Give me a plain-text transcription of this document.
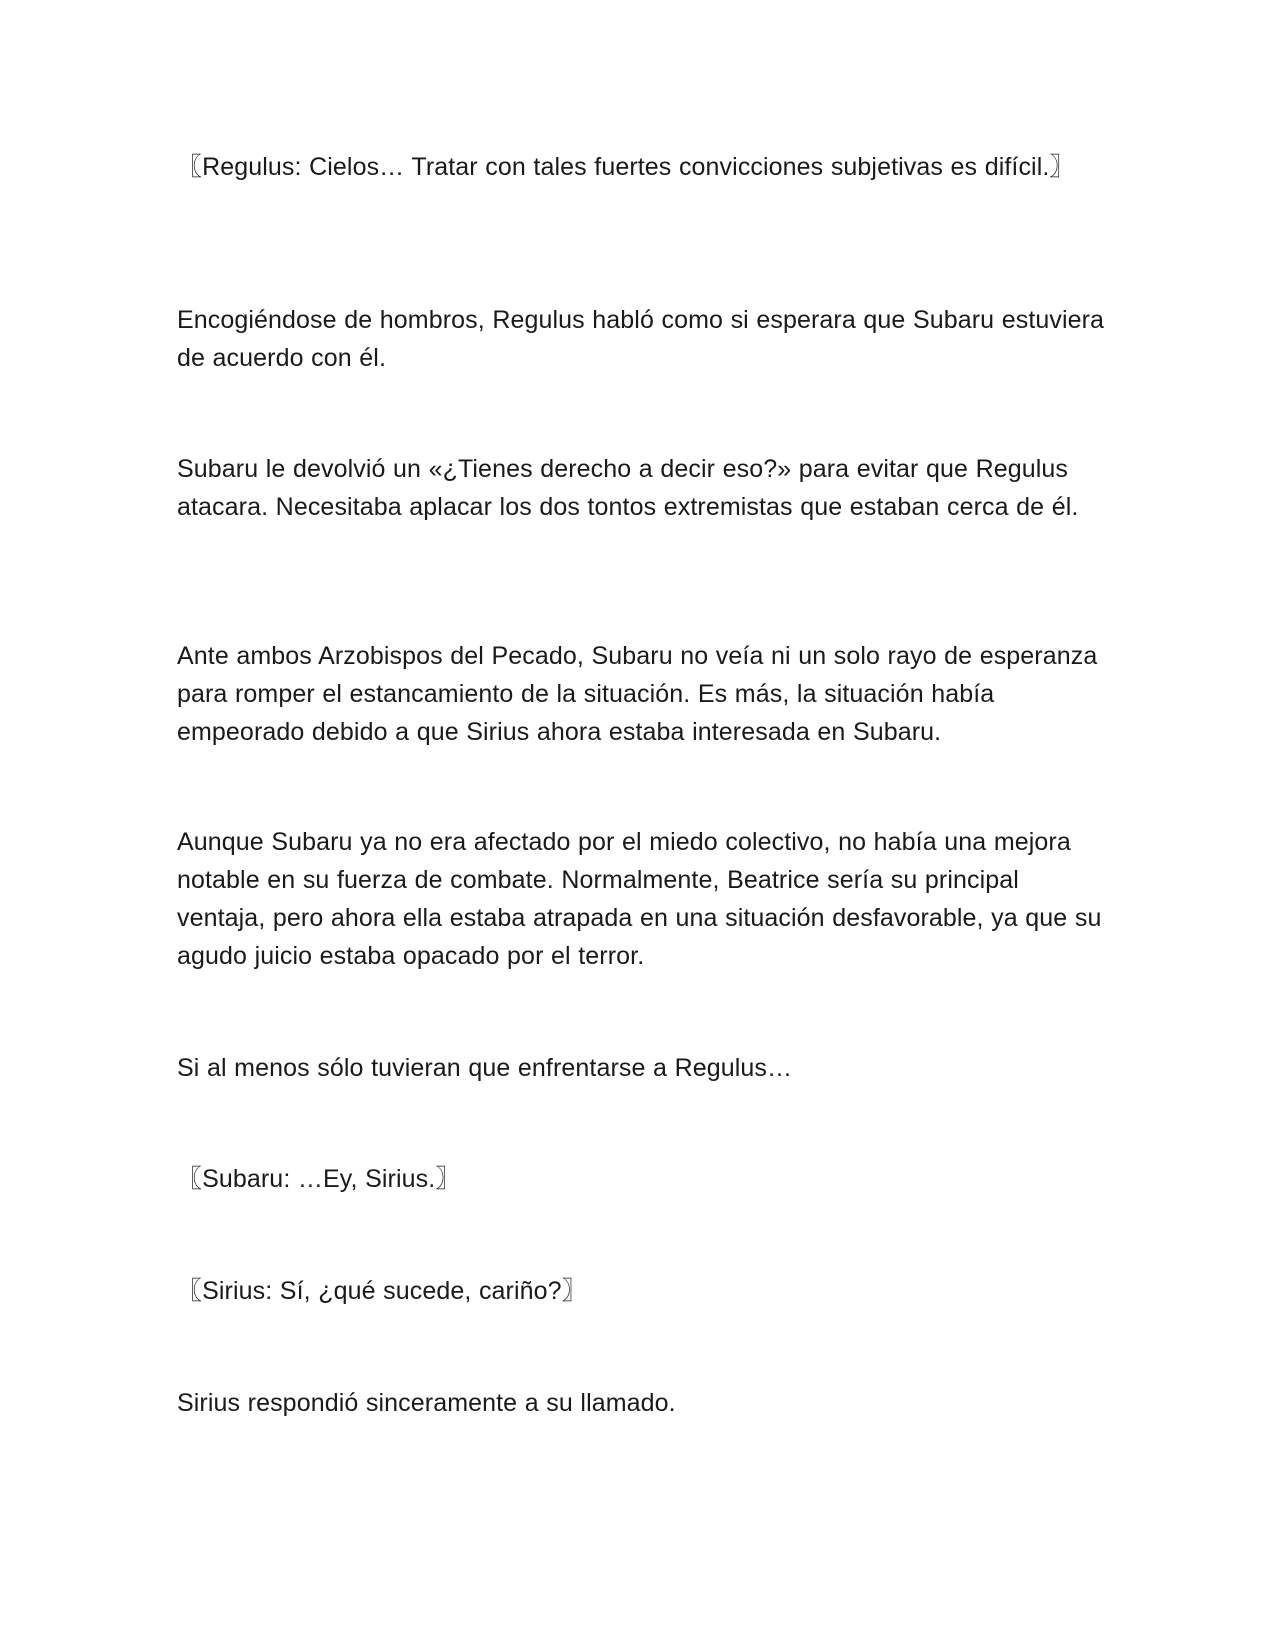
〖Regulus: Cielos… Tratar con tales fuertes convicciones subjetivas es difícil.〗

Encogiéndose de hombros, Regulus habló como si esperara que Subaru estuviera de acuerdo con él.

Subaru le devolvió un «¿Tienes derecho a decir eso?» para evitar que Regulus atacara. Necesitaba aplacar los dos tontos extremistas que estaban cerca de él.

Ante ambos Arzobispos del Pecado, Subaru no veía ni un solo rayo de esperanza para romper el estancamiento de la situación. Es más, la situación había empeorado debido a que Sirius ahora estaba interesada en Subaru.

Aunque Subaru ya no era afectado por el miedo colectivo, no había una mejora notable en su fuerza de combate. Normalmente, Beatrice sería su principal ventaja, pero ahora ella estaba atrapada en una situación desfavorable, ya que su agudo juicio estaba opacado por el terror.

Si al menos sólo tuvieran que enfrentarse a Regulus…

〖Subaru: …Ey, Sirius.〗

〖Sirius: Sí, ¿qué sucede, cariño?〗

Sirius respondió sinceramente a su llamado.
